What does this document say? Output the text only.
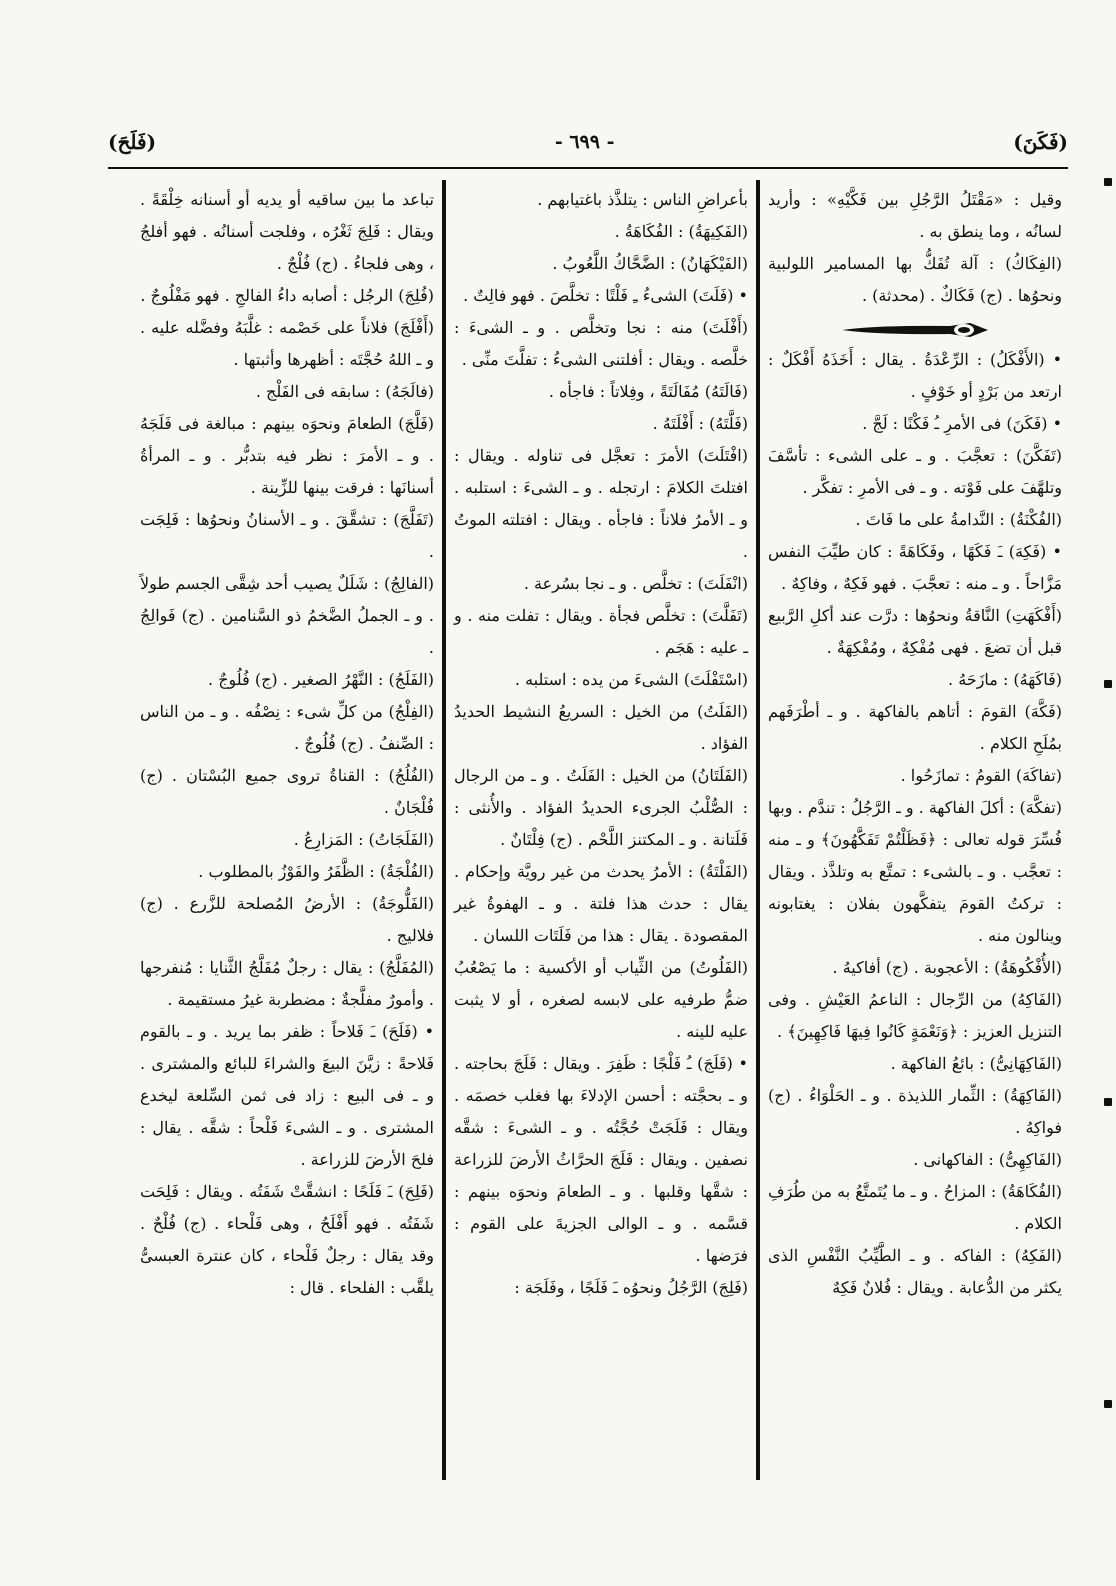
(فَكَنَ)
- ٦٩٩ -
(فَلَحَ)

وقيل : «مَقْتَلُ الرَّجُلِ بين فَكَّيْهِ» : وأريد لسانُه ، وما ينطق به .

(الفِكَاكُ) : آلة تُفَكُّ بها المسامير اللولبية ونحوُها . (ج) فَكَاكٌ . (محدثة) .

• (الأَفْكَلُ) : الرِّعْدَةُ . يقال : أَخَذَهُ أَفْكَلٌ : ارتعد من بَرْدٍ أو خَوْفٍ .

• (فَكَنَ) فى الأمرِ ـُ فَكْنًا : لَجَّ .

(تَفَكَّنَ) : تعجَّبَ . و ـ على الشىء : تأسَّفَ وتلهَّفَ على فَوْته . و ـ فى الأمرِ : تفكَّر .

(الفُكْنَةُ) : النَّدامةُ على ما فَاتَ .

• (فَكِهَ) ـَ فَكَهًا ، وفَكَاهَةً : كان طيِّبَ النفس مَزَّاحاً . و ـ منه : تعجَّبَ . فهو فَكِهٌ ، وفاكِهٌ .

(أَفْكَهَتِ) النَّاقةُ ونحوُها : درَّت عند أكلِ الرَّبيع قبل أن تضعَ . فهى مُفْكِهٌ ، ومُفْكِهَةٌ .

(فَاكَهَهُ) : مازَحَهُ .

(فَكَّهَ) القومَ : أتاهم بالفاكهة . و ـ أطْرَفَهم بمُلَحِ الكلام .

(تفاكَهَ) القومُ : تمازَحُوا .

(تفكَّهَ) : أكلَ الفاكهة . و ـ الرَّجُلُ : تندَّم . وبها فُسِّرَ قوله تعالى : ﴿فَظَلْتُمْ تَفَكَّهُونَ﴾ و ـ منه : تعجَّب . و ـ بالشىء : تمتَّع به وتلذَّذ . ويقال : تركتُ القومَ يتفكَّهون بفلان : يغتابونه وينالون منه .

(الأُفْكُوهَةُ) : الأعجوبة . (ج) أفاكيهُ .

(الفَاكِهُ) من الرِّجال : الناعمُ العَيْشِ . وفى التنزيل العزيز : ﴿وَنَعْمَةٍ كَانُوا فِيهَا فَاكِهِينَ﴾ .

(الفَاكِهَانِىُّ) : بائعُ الفاكهة .

(الفَاكِهَةُ) : الثِّمار اللذيذة . و ـ الحَلْوَاءُ . (ج) فواكِهُ .

(الفَاكِهِىُّ) : الفاكهانى .

(الفُكَاهَةُ) : المزاحُ . و ـ ما يُتَمتَّعُ به من طُرَفِ الكلام .

(الفَكِهُ) : الفاكه . و ـ الطَّيِّبُ النَّفْسِ الذى يكثر من الدُّعابة . ويقال : فُلانٌ فَكِهٌ

بأعراضِ الناس : يتلذَّذ باغتيابهم .

(الفَكِيهَةُ) : الفُكَاهَةُ .

(الفَيْكَهَانُ) : الضَّحَّاكُ اللَّعُوبُ .

• (فَلَتَ) الشىءُ ـِ فَلْتًا : تخلَّصَ . فهو فالِتٌ .

(أَفْلَتَ) منه : نجا وتخلَّص . و ـ الشىءَ : خلَّصه . ويقال : أفلتنى الشىءُ : تفلَّتَ منِّى .

(فَالَتَهُ) مُفَالَتَةً ، وفِلاتاً : فاجأه .

(فَلَّتَهُ) : أَفْلَتَهُ .

(افْتَلَتَ) الأمرَ : تعجَّل فى تناوله . ويقال : افتلتَ الكلامَ : ارتجله . و ـ الشىءَ : استلبه . و ـ الأمرُ فلاناً : فاجأه . ويقال : افتلته الموتُ .

(انْفَلَتَ) : تخلَّص . و ـ نجا بسُرعة .

(تَفَلَّتَ) : تخلَّص فجأة . ويقال : تفلت منه . و ـ عليه : هَجَم .

(اسْتَفْلَتَ) الشىءَ من يده : استلبه .

(الفَلَتُ) من الخيل : السريعُ النشيط الحديدُ الفؤاد .

(الفَلَتَانُ) من الخيل : الفَلَتُ . و ـ من الرجال : الصُّلْبُ الجرىء الحديدُ الفؤاد . والأُنثى : فَلَتانة . و ـ المكتنز اللَّحْم . (ج) فِلْتَانٌ .

(الفَلْتَةُ) : الأمرُ يحدث من غير رويَّة وإحكام . يقال : حدث هذا فلتة . و ـ الهفوةُ غير المقصودة . يقال : هذا من فَلَتَات اللسان .

(الفَلُوتُ) من الثِّياب أو الأكسية : ما يَصْعُبُ ضمُّ طرفيه على لابسه لصغره ، أو لا يثبت عليه للينه .

• (فَلَجَ) ـُ فَلْجًا : ظَفِرَ . ويقال : فَلَجَ بحاجته . و ـ بحجَّته : أحسن الإدلاءَ بها فغلب خصمَه . ويقال : فَلَجَتْ حُجَّتُه . و ـ الشىءَ : شقَّه نصفين . ويقال : فَلَجَ الحرَّاثُ الأرضَ للزراعة : شقَّها وقلبها . و ـ الطعامَ ونحوَه بينهم : قسَّمه . و ـ الوالى الجزيةَ على القوم : فرَضها .

(فَلِجَ) الرَّجُلُ ونحوُه ـَ فَلَجًا ، وفَلَجَة :

تباعد ما بين ساقيه أو يديه أو أسنانه خِلْقَةً . ويقال : فَلِجَ ثَغْرُه ، وفلجت أسنانُه . فهو أفلجُ ، وهى فلجاءُ . (ج) فُلْجٌ .

(فُلِجَ) الرجُل : أصابه داءُ الفالجِ . فهو مَفْلُوجٌ .

(أَفْلَجَ) فلاناً على خَصْمه : غلَّبَهُ وفضَّله عليه . و ـ اللهُ حُجَّتَه : أظهرها وأثبتها .

(فالَجَهُ) : سابقه فى الفَلْج .

(فَلَّجَ) الطعامَ ونحوَه بينهم : مبالغة فى فَلَجَهُ . و ـ الأمرَ : نظر فيه بتدبُّر . و ـ المرأةُ أسنانَها : فرقت بينها للزِّينة .

(تَفَلَّجَ) : تشقَّقَ . و ـ الأسنانُ ونحوُها : فَلِجَت .

(الفالِجُ) : شَلَلٌ يصيب أحد شِقَّى الجسم طولاً . و ـ الجملُ الضَّخمُ ذو السَّنامين . (ج) فَوالِجُ .

(الفَلَجُ) : النَّهْرُ الصغير . (ج) فُلُوجٌ .

(الفِلْجُ) من كلِّ شىء : نِصْفُه . و ـ من الناس : الصِّنفُ . (ج) فُلُوجٌ .

(الفُلُجُ) : القناةُ تروى جميع البُسْتان . (ج) فُلْجَانٌ .

(الفَلَجَاتُ) : المَزارِعُ .

(الفُلْجَةُ) : الظَّفَرُ والفَوْزُ بالمطلوب .

(الفَلُّوجَةُ) : الأرضُ المُصلحة للزَّرع . (ج) فلاليج .

(المُفَلَّجُ) : يقال : رجلٌ مُفَلَّجُ الثَّنايا : مُنفرجها . وأمورٌ مفلَّجةٌ : مضطربة غيرُ مستقيمة .

• (فَلَحَ) ـَ فَلاحاً : ظفر بما يريد . و ـ بالقوم فَلاحةً : زيَّنَ البيعَ والشراءَ للبائع والمشترى . و ـ فى البيع : زاد فى ثمن السِّلعة ليخدع المشترى . و ـ الشىءَ فَلْحاً : شقَّه . يقال : فلحَ الأرضَ للزراعة .

(فَلِحَ) ـَ فَلَحًا : انشقَّتْ شَفَتُه . ويقال : فَلِحَت شَفَتُه . فهو أَفْلَحُ ، وهى فَلْحاء . (ج) فُلْحٌ . وقد يقال : رجلٌ فَلْحاء ، كان عنترة العبسىُّ يلقَّب : الفلحاء . قال :
